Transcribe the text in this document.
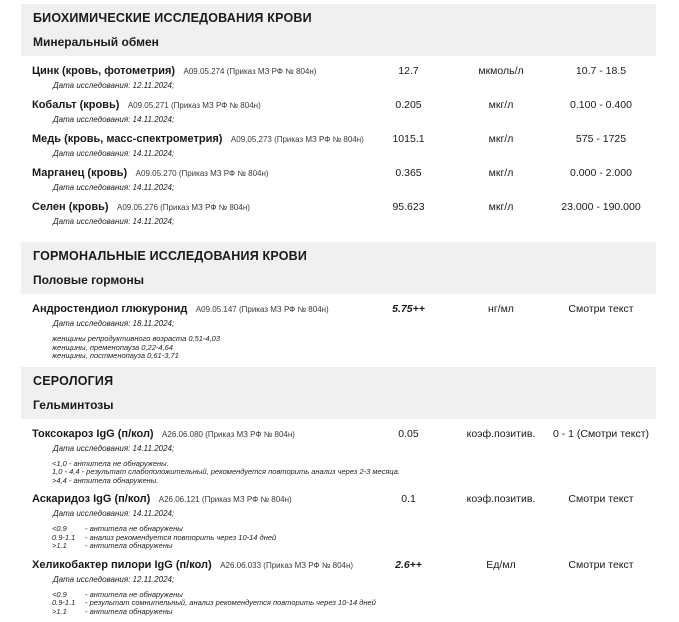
БИОХИМИЧЕСКИЕ ИССЛЕДОВАНИЯ КРОВИ
Минеральный обмен
Цинк (кровь, фотометрия) A09.05.274 (Приказ МЗ РФ № 804н)	12.7	мкмоль/л	10.7 - 18.5
Дата исследования: 12.11.2024;
Кобальт (кровь) A09.05.271 (Приказ МЗ РФ № 804н)	0.205	мкг/л	0.100 - 0.400
Дата исследования: 14.11.2024;
Медь (кровь, масс-спектрометрия) A09.05.273 (Приказ МЗ РФ № 804н)	1015.1	мкг/л	575 - 1725
Дата исследования: 14.11.2024;
Марганец (кровь) A09.05.270 (Приказ МЗ РФ № 804н)	0.365	мкг/л	0.000 - 2.000
Дата исследования: 14.11.2024;
Селен (кровь) A09.05.276 (Приказ МЗ РФ № 804н)	95.623	мкг/л	23.000 - 190.000
Дата исследования: 14.11.2024;
ГОРМОНАЛЬНЫЕ ИССЛЕДОВАНИЯ КРОВИ
Половые гормоны
Андростендиол глюкуронид A09.05.147 (Приказ МЗ РФ № 804н)	5.75++	нг/мл	Смотри текст
Дата исследования: 18.11.2024;
женщины репродуктивного возраста 0,51-4,03
женщины, пременопауза 0,22-4,64
женщины, постменопауза 0,61-3,71
СЕРОЛОГИЯ
Гельминтозы
Токсокароз IgG (п/кол) A26.06.080 (Приказ МЗ РФ № 804н)	0.05	коэф.позитив.	0 - 1 (Смотри текст)
Дата исследования: 14.11.2024;
<1,0 - антитела не обнаружены.
1,0 - 4,4 - результат слабоположительный, рекомендуется повторить анализ через 2-3 месяца.
>4,4 - антитела обнаружены.
Аскаридоз IgG (п/кол) A26.06.121 (Приказ МЗ РФ № 804н)	0.1	коэф.позитив.	Смотри текст
Дата исследования: 14.11.2024;
<0.9 - антитела не обнаружены
0.9-1.1 - анализ рекомендуется повторить через 10-14 дней
>1.1 - антитела обнаружены
Хеликобактер пилори IgG (п/кол) A26.06.033 (Приказ МЗ РФ № 804н)	2.6++	Ед/мл	Смотри текст
Дата исследования: 12.11.2024;
<0.9 - антитела не обнаружены
0.9-1.1 - результат сомнительный, анализ рекомендуется повторить через 10-14 дней
>1.1 - антитела обнаружены
